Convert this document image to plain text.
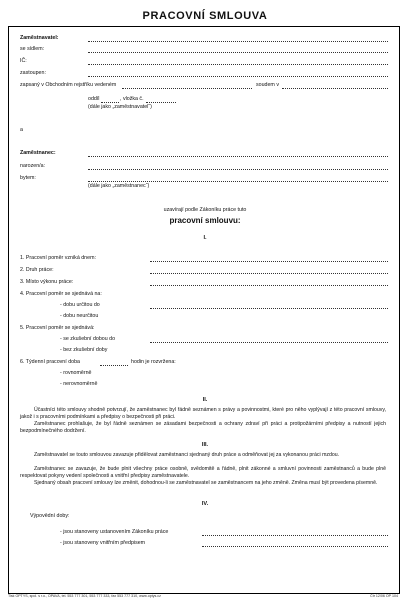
PRACOVNÍ SMLOUVA
Zaměstnavatel:
se sídlem:
IČ:
zastoupen:
zapsaný v Obchodním rejstříku vedeném	soudem v
oddíl	, vložka č.
(dále jako „zaměstnavatel“)
a
Zaměstnanec:
narozen/a:
bytem:
(dále jako „zaměstnanec“)
uzavírají podle Zákoníku práce tuto
pracovní smlouvu:
I.
1. Pracovní poměr vzniká dnem:
2. Druh práce:
3. Místo výkonu práce:
4. Pracovní poměr se sjednává na:
- dobu určitou do
- dobu neurčitou
5. Pracovní poměr se sjednává:
- se zkušební dobou do
- bez zkušební doby
6. Týdenní pracovní doba	hodin je rozvržena:
- rovnoměrně
- nerovnoměrně
II.
Účastníci této smlouvy shodně potvrzují, že zaměstnanec byl řádně seznámen s právy a povinnostmi, které pro něho vyplývají z této pracovní smlouvy, jakož i s pracovními podmínkami a předpisy o bezpečnosti při práci.
Zaměstnanec prohlašuje, že byl řádně seznámen se zásadami bezpečnosti a ochrany zdraví při práci a protipožárními předpisy a nutností jejich bezpodmínečného dodržení.
III.
Zaměstnavatel se touto smlouvou zavazuje přidělovat zaměstnanci sjednaný druh práce a odměňovat jej za vykonanou práci mzdou.
Zaměstnanec se zavazuje, že bude plnit všechny práce osobně, svědomitě a řádně, plnit zákonné a smluvní povinnosti zaměstnanců a bude plně respektovat pokyny vedení společnosti a vnitřní předpisy zaměstnavatele.
Sjednaný obsah pracovní smlouvy lze změnit, dohodnou-li se zaměstnavatel se zaměstnancem na jeho změně. Změna musí být provedena písemně.
IV.
Výpovědní doby:
- jsou stanoveny ustanovením Zákoníku práce
- jsou stanoveny vnitřním předpisem
Tisk OPTYS, spol. s r.o., OPAVA, tel. 553 777 301, 553 777 333, fax 553 777 310, www.optys.cz	Čtr 12/06 OP 104
